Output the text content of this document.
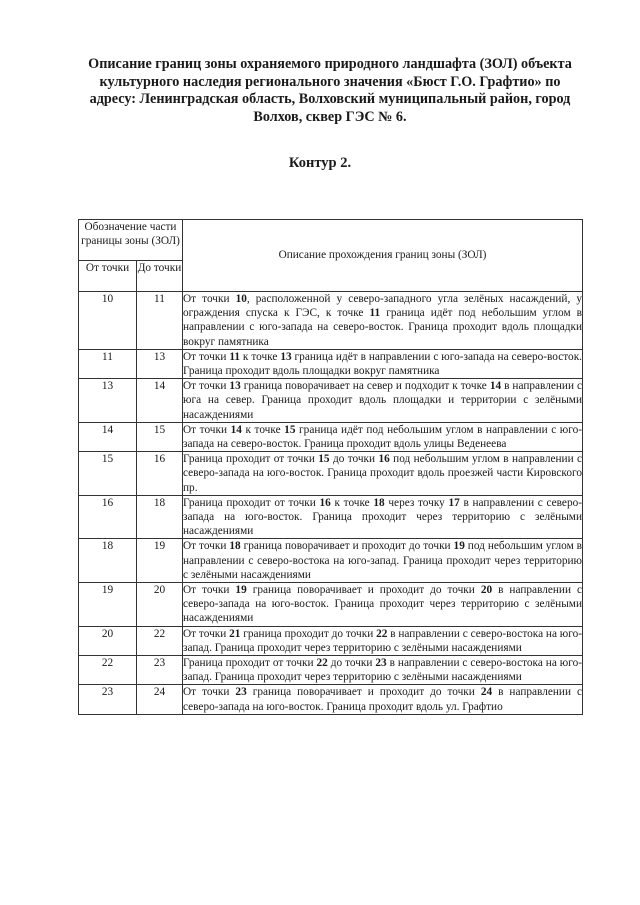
Описание границ зоны охраняемого природного ландшафта (ЗОЛ) объекта
культурного наследия регионального значения «Бюст Г.О. Графтио» по
адресу: Ленинградская область, Волховский муниципальный район, город
Волхов, сквер ГЭС № 6.
Контур 2.
Обозначение части границы зоны (ЗОЛ)		Описание прохождения границ зоны (ЗОЛ)
От точки	До точки	
10	11	От точки 10, расположенной у северо-западного угла зелёных насаждений, у ограждения спуска к ГЭС, к точке 11 граница идёт под небольшим углом в направлении с юго-запада на северо-восток. Граница проходит вдоль площадки вокруг памятника
11	13	От точки 11 к точке 13 граница идёт в направлении с юго-запада на северо-восток. Граница проходит вдоль площадки вокруг памятника
13	14	От точки 13 граница поворачивает на север и подходит к точке 14 в направлении с юга на север. Граница проходит вдоль площадки и территории с зелёными насаждениями
14	15	От точки 14 к точке 15 граница идёт под небольшим углом в направлении с юго-запада на северо-восток. Граница проходит вдоль улицы Веденеева
15	16	Граница проходит от точки 15 до точки 16 под небольшим углом в направлении с северо-запада на юго-восток. Граница проходит вдоль проезжей части Кировского пр.
16	18	Граница проходит от точки 16 к точке 18 через точку 17 в направлении с северо-запада на юго-восток. Граница проходит через территорию с зелёными насаждениями
18	19	От точки 18 граница поворачивает и проходит до точки 19 под небольшим углом в направлении с северо-востока на юго-запад. Граница проходит через территорию с зелёными насаждениями
19	20	От точки 19 граница поворачивает и проходит до точки 20 в направлении с северо-запада на юго-восток. Граница проходит через территорию с зелёными насаждениями
20	22	От точки 21 граница проходит до точки 22 в направлении с северо-востока на юго-запад. Граница проходит через территорию с зелёными насаждениями
22	23	Граница проходит от точки 22 до точки 23 в направлении с северо-востока на юго-запад. Граница проходит через территорию с зелёными насаждениями
23	24	От точки 23 граница поворачивает и проходит до точки 24 в направлении с северо-запада на юго-восток. Граница проходит вдоль ул. Графтио
